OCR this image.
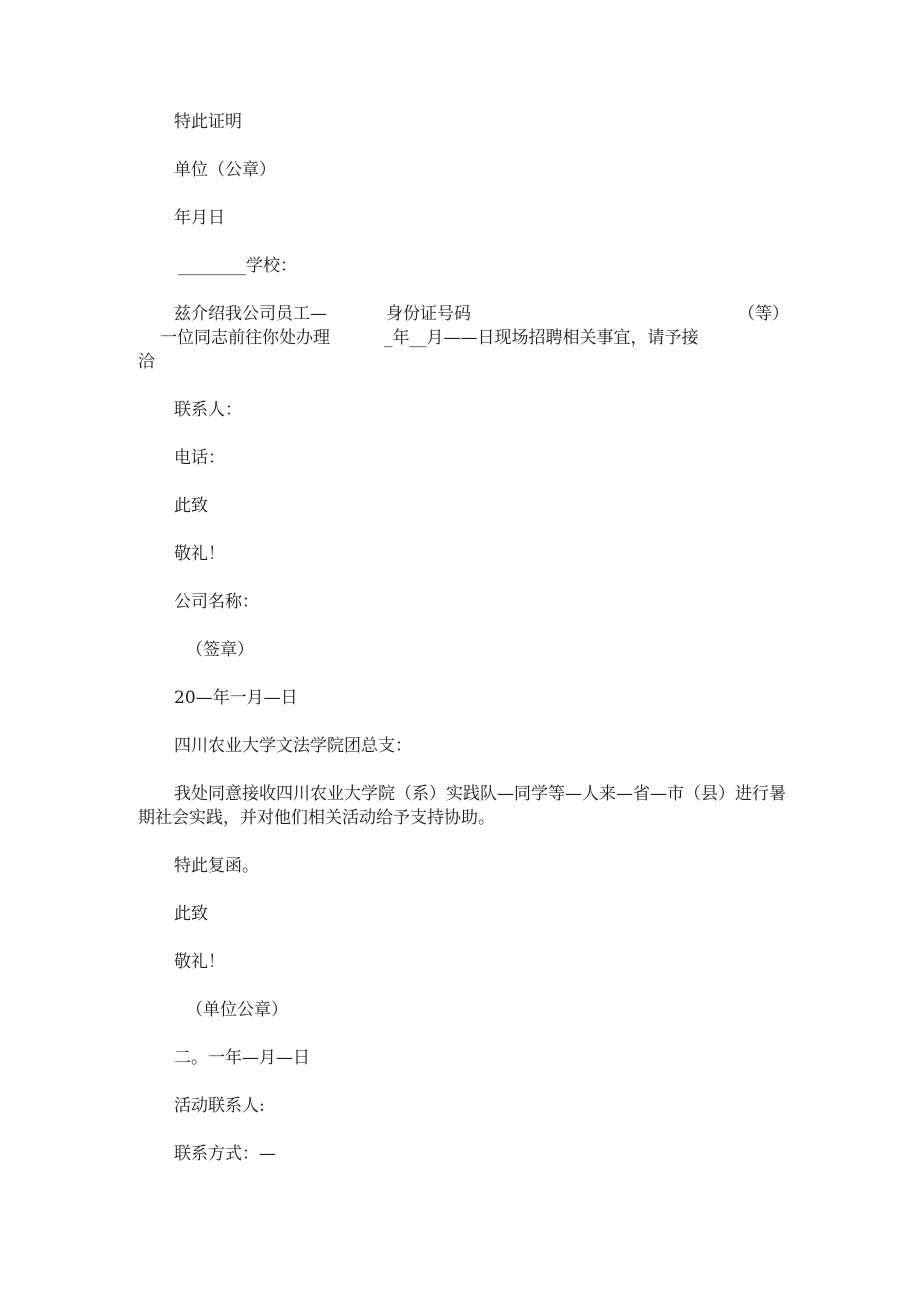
特此证明
单位（公章）
年月日
________学校：
兹介绍我公司员工—	身份证号码	（等）
一位同志前往你处办理	_年__月——日现场招聘相关事宜，请予接
洽
联系人：
电话：
此致
敬礼！
公司名称：
（签章）
20—年一月—日
四川农业大学文法学院团总支：
我处同意接收四川农业大学院（系）实践队—同学等—人来—省—市（县）进行暑
期社会实践，并对他们相关活动给予支持协助。
特此复函。
此致
敬礼！
（单位公章）
二。一年—月—日
活动联系人:
联系方式：—
